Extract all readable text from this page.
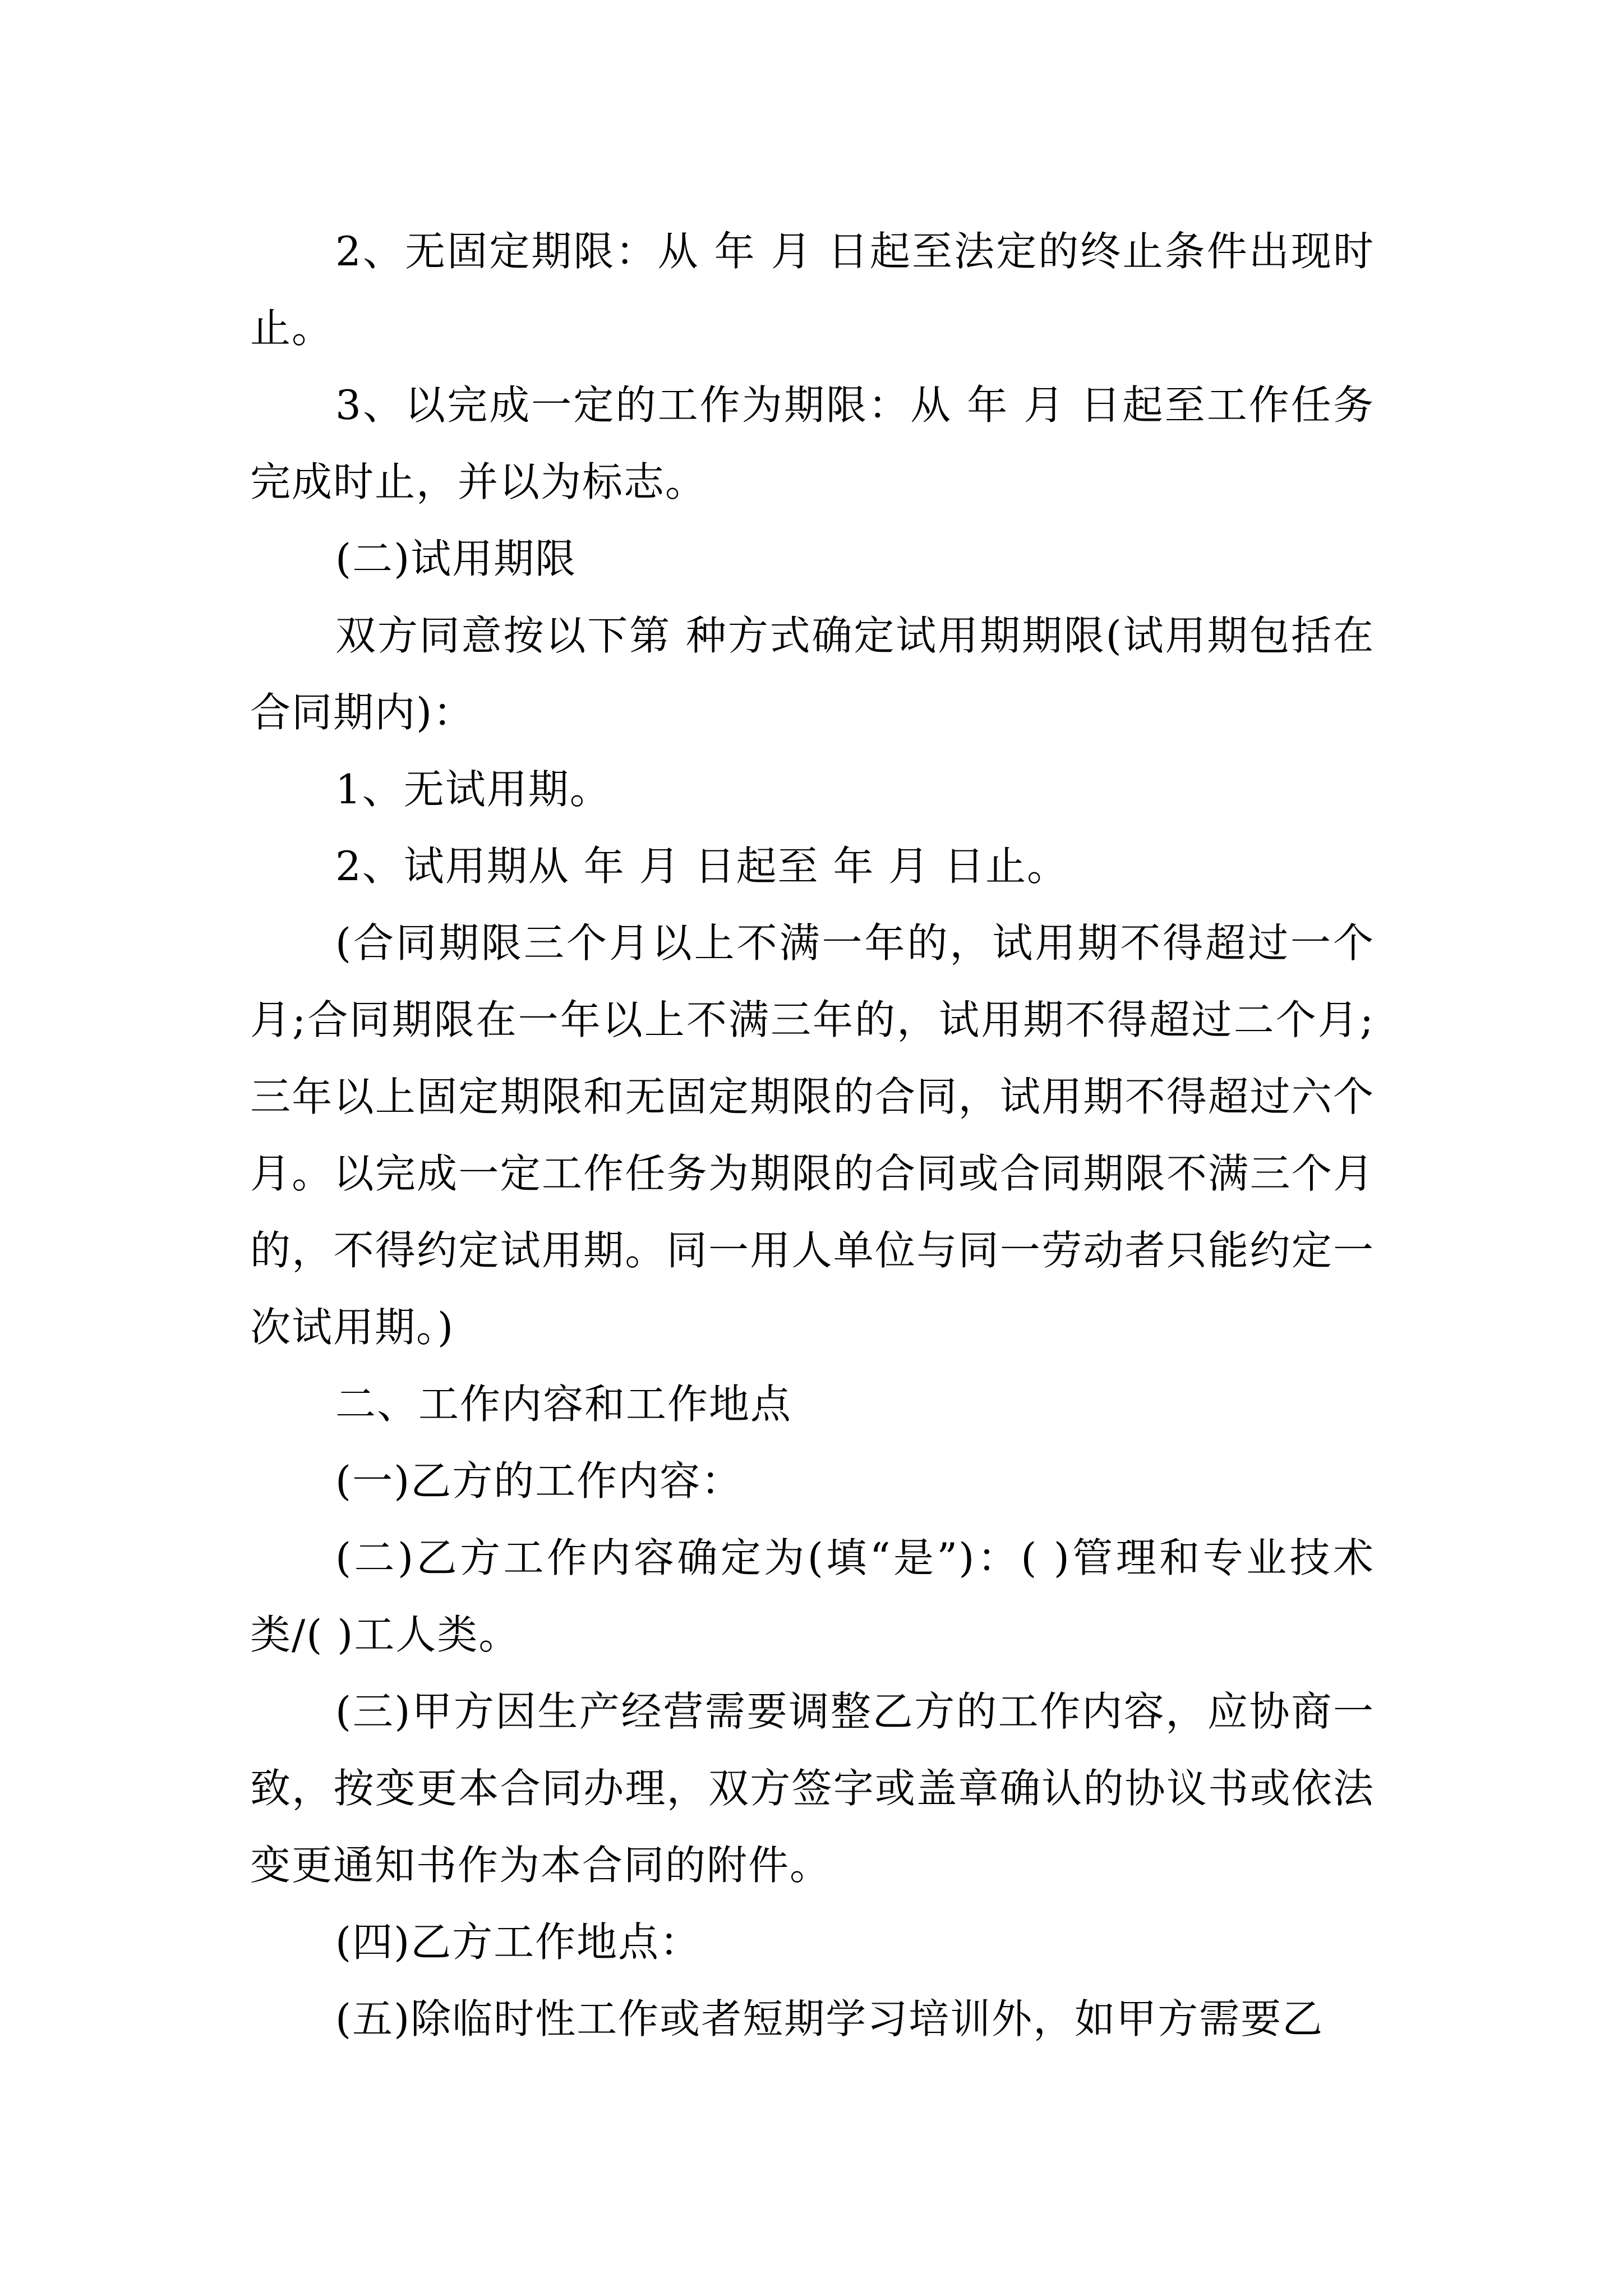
2、无固定期限：从 年 月 日起至法定的终止条件出现时止。

3、以完成一定的工作为期限：从 年 月 日起至工作任务完成时止，并以为标志。

(二)试用期限

双方同意按以下第 种方式确定试用期期限(试用期包括在合同期内)：

1、无试用期。

2、试用期从 年 月 日起至 年 月 日止。

(合同期限三个月以上不满一年的，试用期不得超过一个月;合同期限在一年以上不满三年的，试用期不得超过二个月;三年以上固定期限和无固定期限的合同，试用期不得超过六个月。以完成一定工作任务为期限的合同或合同期限不满三个月的，不得约定试用期。同一用人单位与同一劳动者只能约定一次试用期。)

二、工作内容和工作地点

(一)乙方的工作内容：

(二)乙方工作内容确定为(填“是”)：( )管理和专业技术类/( )工人类。

(三)甲方因生产经营需要调整乙方的工作内容，应协商一致，按变更本合同办理，双方签字或盖章确认的协议书或依法变更通知书作为本合同的附件。

(四)乙方工作地点：

(五)除临时性工作或者短期学习培训外，如甲方需要乙
